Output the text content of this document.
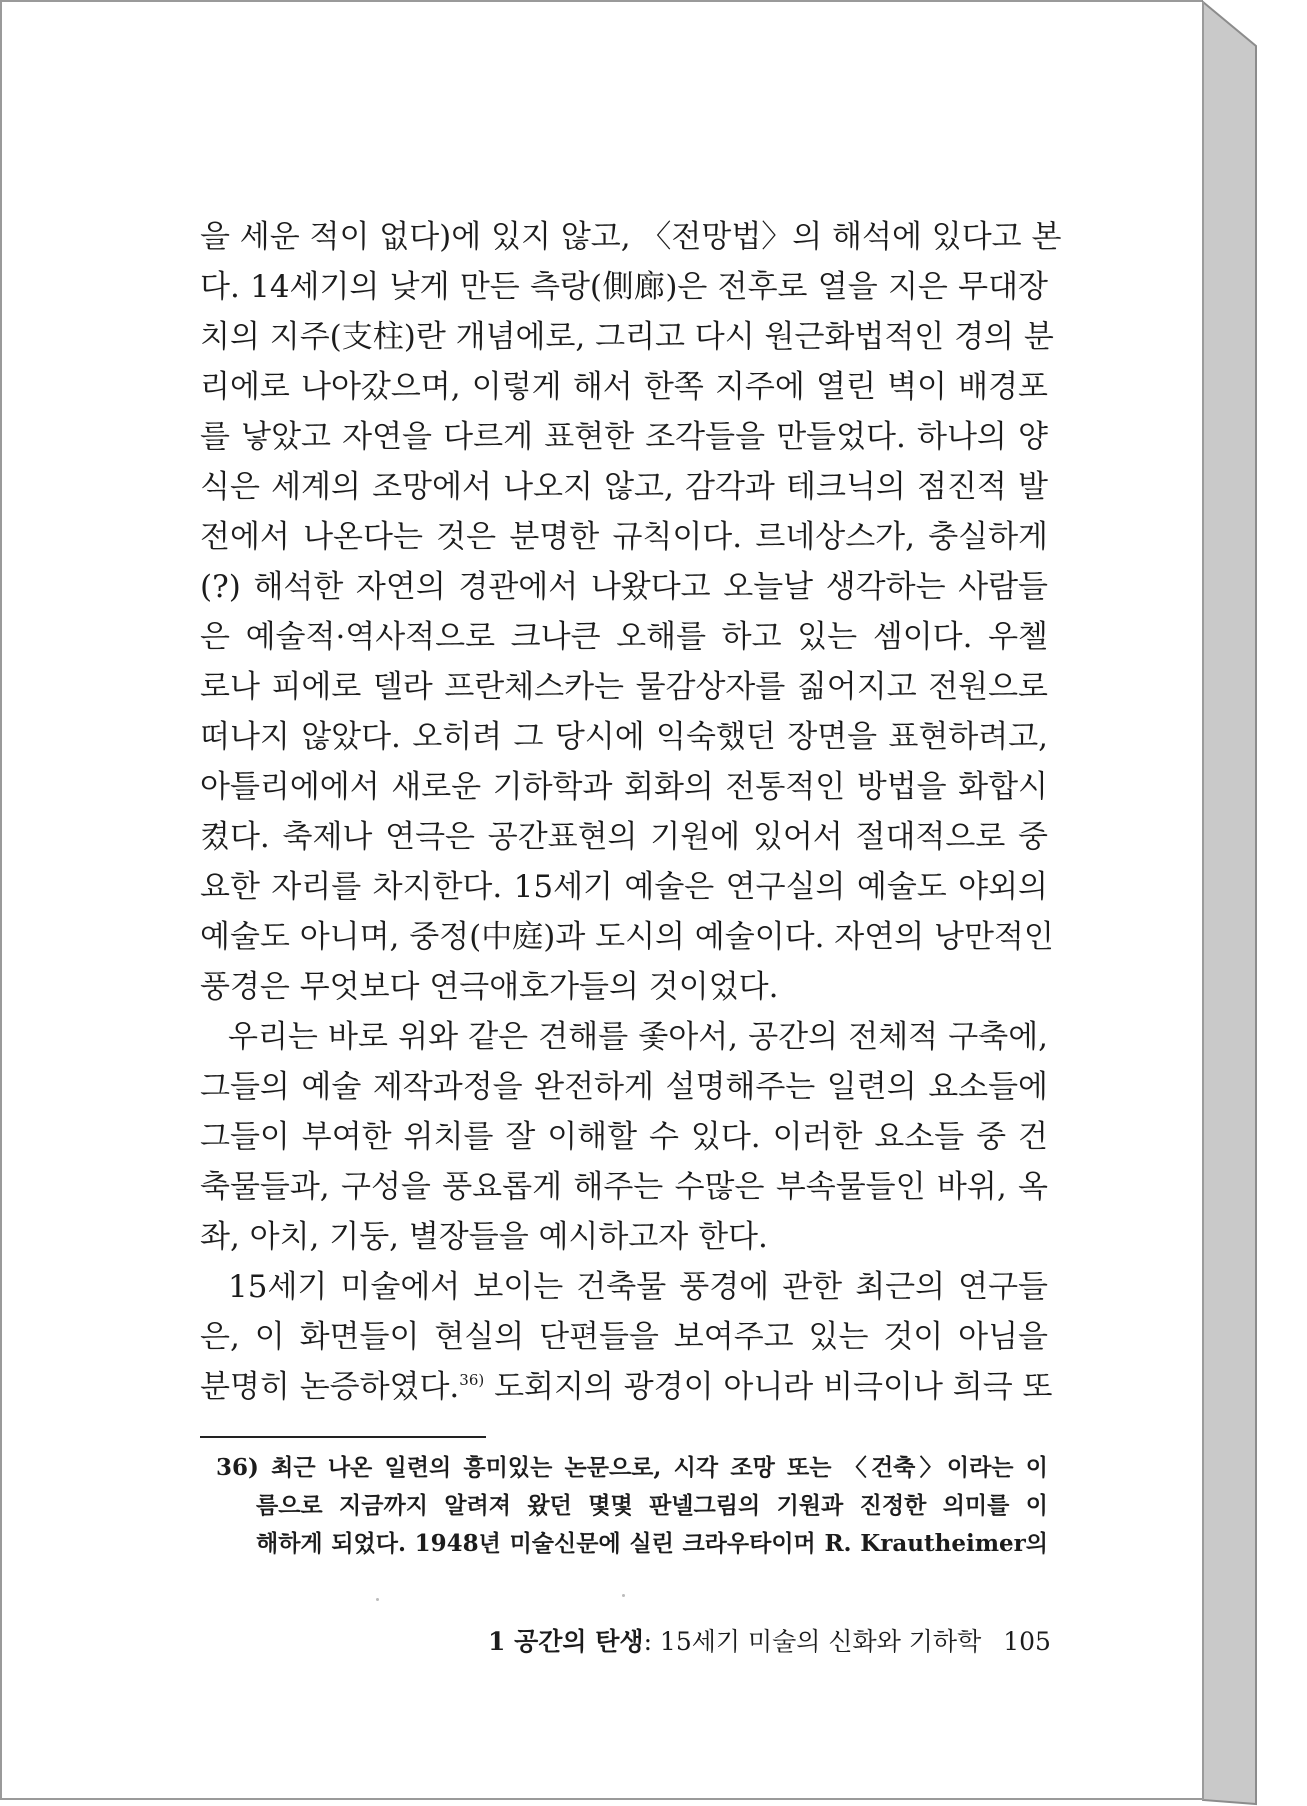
을 세운 적이 없다)에 있지 않고, 〈전망법〉의 해석에 있다고 본
다. 14세기의 낮게 만든 측랑(側廊)은 전후로 열을 지은 무대장
치의 지주(支柱)란 개념에로, 그리고 다시 원근화법적인 경의 분
리에로 나아갔으며, 이렇게 해서 한쪽 지주에 열린 벽이 배경포
를 낳았고 자연을 다르게 표현한 조각들을 만들었다. 하나의 양
식은 세계의 조망에서 나오지 않고, 감각과 테크닉의 점진적 발
전에서 나온다는 것은 분명한 규칙이다. 르네상스가, 충실하게
(?) 해석한 자연의 경관에서 나왔다고 오늘날 생각하는 사람들
은 예술적·역사적으로 크나큰 오해를 하고 있는 셈이다. 우첼
로나 피에로 델라 프란체스카는 물감상자를 짊어지고 전원으로
떠나지 않았다. 오히려 그 당시에 익숙했던 장면을 표현하려고,
아틀리에에서 새로운 기하학과 회화의 전통적인 방법을 화합시
켰다. 축제나 연극은 공간표현의 기원에 있어서 절대적으로 중
요한 자리를 차지한다. 15세기 예술은 연구실의 예술도 야외의
예술도 아니며, 중정(中庭)과 도시의 예술이다. 자연의 낭만적인
풍경은 무엇보다 연극애호가들의 것이었다.
우리는 바로 위와 같은 견해를 좇아서, 공간의 전체적 구축에,
그들의 예술 제작과정을 완전하게 설명해주는 일련의 요소들에
그들이 부여한 위치를 잘 이해할 수 있다. 이러한 요소들 중 건
축물들과, 구성을 풍요롭게 해주는 수많은 부속물들인 바위, 옥
좌, 아치, 기둥, 별장들을 예시하고자 한다.
15세기 미술에서 보이는 건축물 풍경에 관한 최근의 연구들
은, 이 화면들이 현실의 단편들을 보여주고 있는 것이 아님을
분명히 논증하였다.$^{36)}$ 도회지의 광경이 아니라 비극이나 희극 또
36) 최근 나온 일련의 흥미있는 논문으로, 시각 조망 또는 〈건축〉이라는 이
름으로 지금까지 알려져 왔던 몇몇 판넬그림의 기원과 진정한 의미를 이
해하게 되었다. 1948년 미술신문에 실린 크라우타이머 R. Krautheimer의
1 공간의 탄생: 15세기 미술의 신화와 기하학 105
